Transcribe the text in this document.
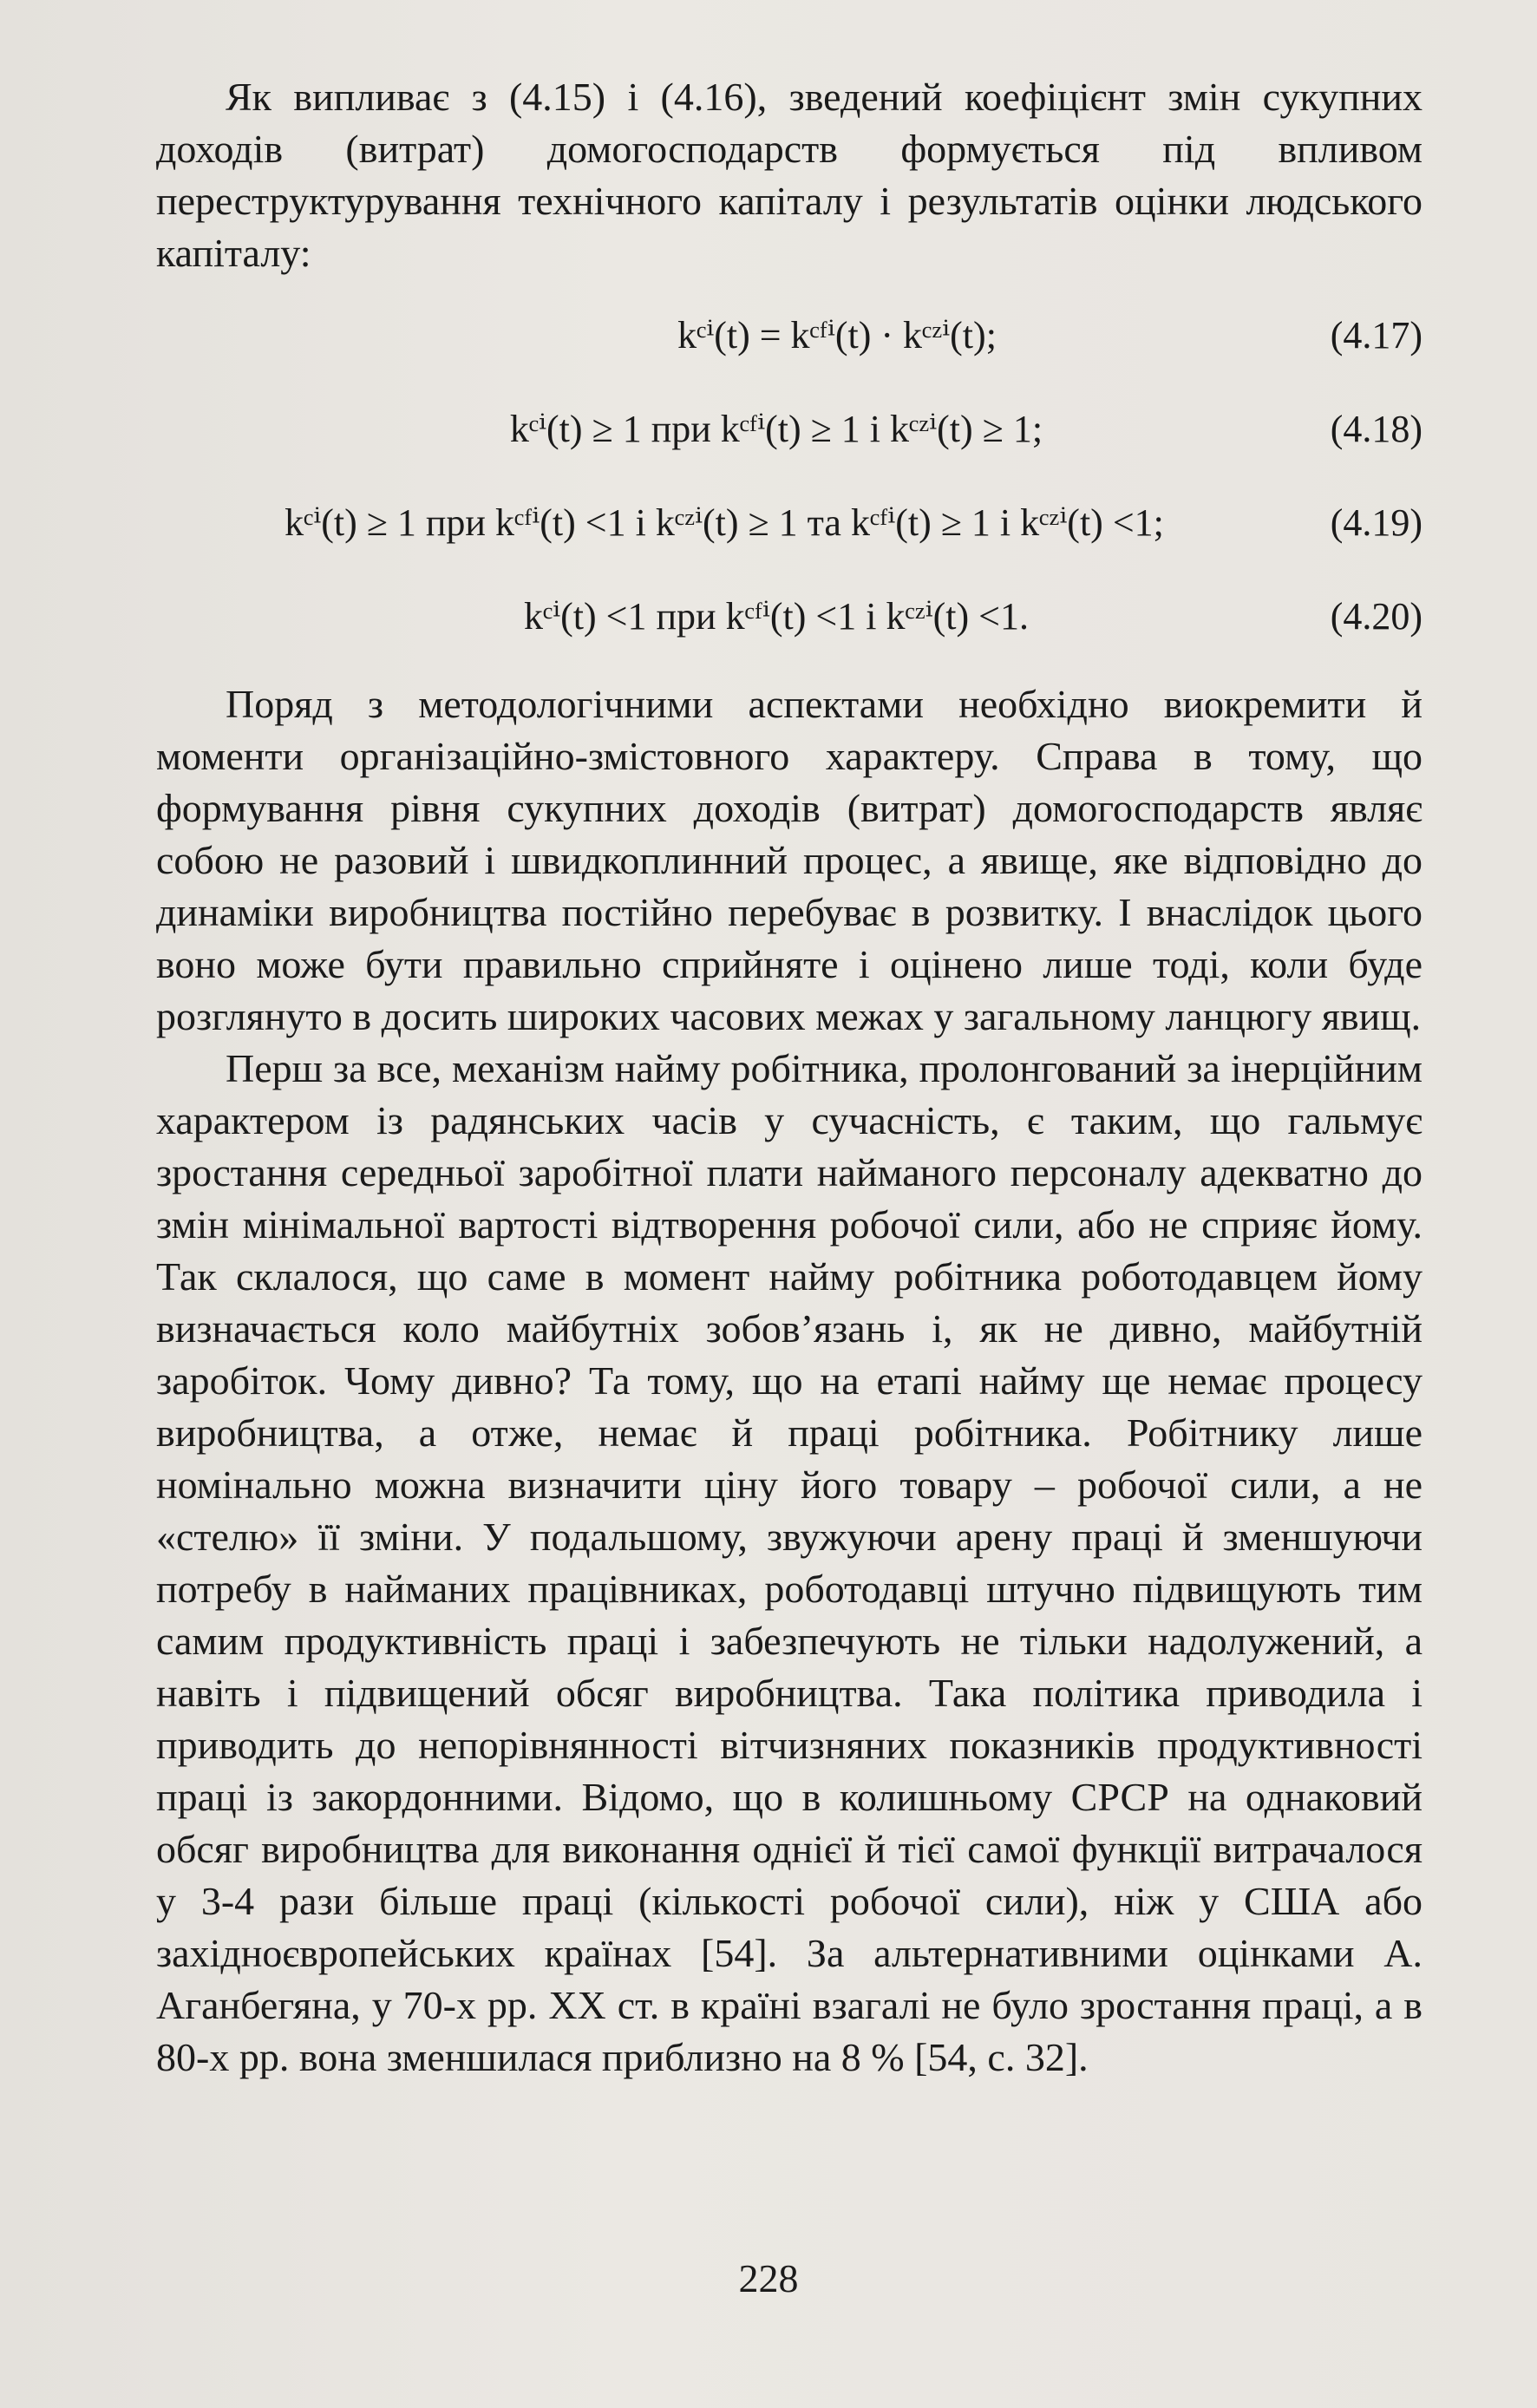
Як випливає з (4.15) і (4.16), зведений коефіцієнт змін сукупних доходів (витрат) домогосподарств формується під впливом переструктурування технічного капіталу і результатів оцінки людського капіталу:

kᶜⁱ(t) = kᶜᶠⁱ(t) · kᶜᶻⁱ(t);	(4.17)
kᶜⁱ(t) ≥ 1 при kᶜᶠⁱ(t) ≥ 1 і kᶜᶻⁱ(t) ≥ 1;	(4.18)
kᶜⁱ(t) ≥ 1 при kᶜᶠⁱ(t) <1 і kᶜᶻⁱ(t) ≥ 1 та kᶜᶠⁱ(t) ≥ 1 і kᶜᶻⁱ(t) <1;	(4.19)
kᶜⁱ(t) <1 при kᶜᶠⁱ(t) <1 і kᶜᶻⁱ(t) <1.	(4.20)

Поряд з методологічними аспектами необхідно виокремити й моменти організаційно-змістовного характеру. Справа в тому, що формування рівня сукупних доходів (витрат) домогосподарств являє собою не разовий і швидкоплинний процес, а явище, яке відповідно до динаміки виробництва постійно перебуває в розвитку. І внаслідок цього воно може бути правильно сприйняте і оцінено лише тоді, коли буде розглянуто в досить широких часових межах у загальному ланцюгу явищ.

Перш за все, механізм найму робітника, пролонгований за інерційним характером із радянських часів у сучасність, є таким, що гальмує зростання середньої заробітної плати найманого персоналу адекватно до змін мінімальної вартості відтворення робочої сили, або не сприяє йому. Так склалося, що саме в момент найму робітника роботодавцем йому визначається коло майбутніх зобов’язань і, як не дивно, майбутній заробіток. Чому дивно? Та тому, що на етапі найму ще немає процесу виробництва, а отже, немає й праці робітника. Робітнику лише номінально можна визначити ціну його товару – робочої сили, а не «стелю» її зміни. У подальшому, звужуючи арену праці й зменшуючи потребу в найманих працівниках, роботодавці штучно підвищують тим самим продуктивність праці і забезпечують не тільки надолужений, а навіть і підвищений обсяг виробництва. Така політика приводила і приводить до непорівнянності вітчизняних показників продуктивності праці із закордонними. Відомо, що в колишньому СРСР на однаковий обсяг виробництва для виконання однієї й тієї самої функції витрачалося у 3-4 рази більше праці (кількості робочої сили), ніж у США або західноєвропейських країнах [54]. За альтернативними оцінками А. Аганбегяна, у 70-х рр. XX ст. в країні взагалі не було зростання праці, а в 80-х рр. вона зменшилася приблизно на 8 % [54, с. 32].

228
